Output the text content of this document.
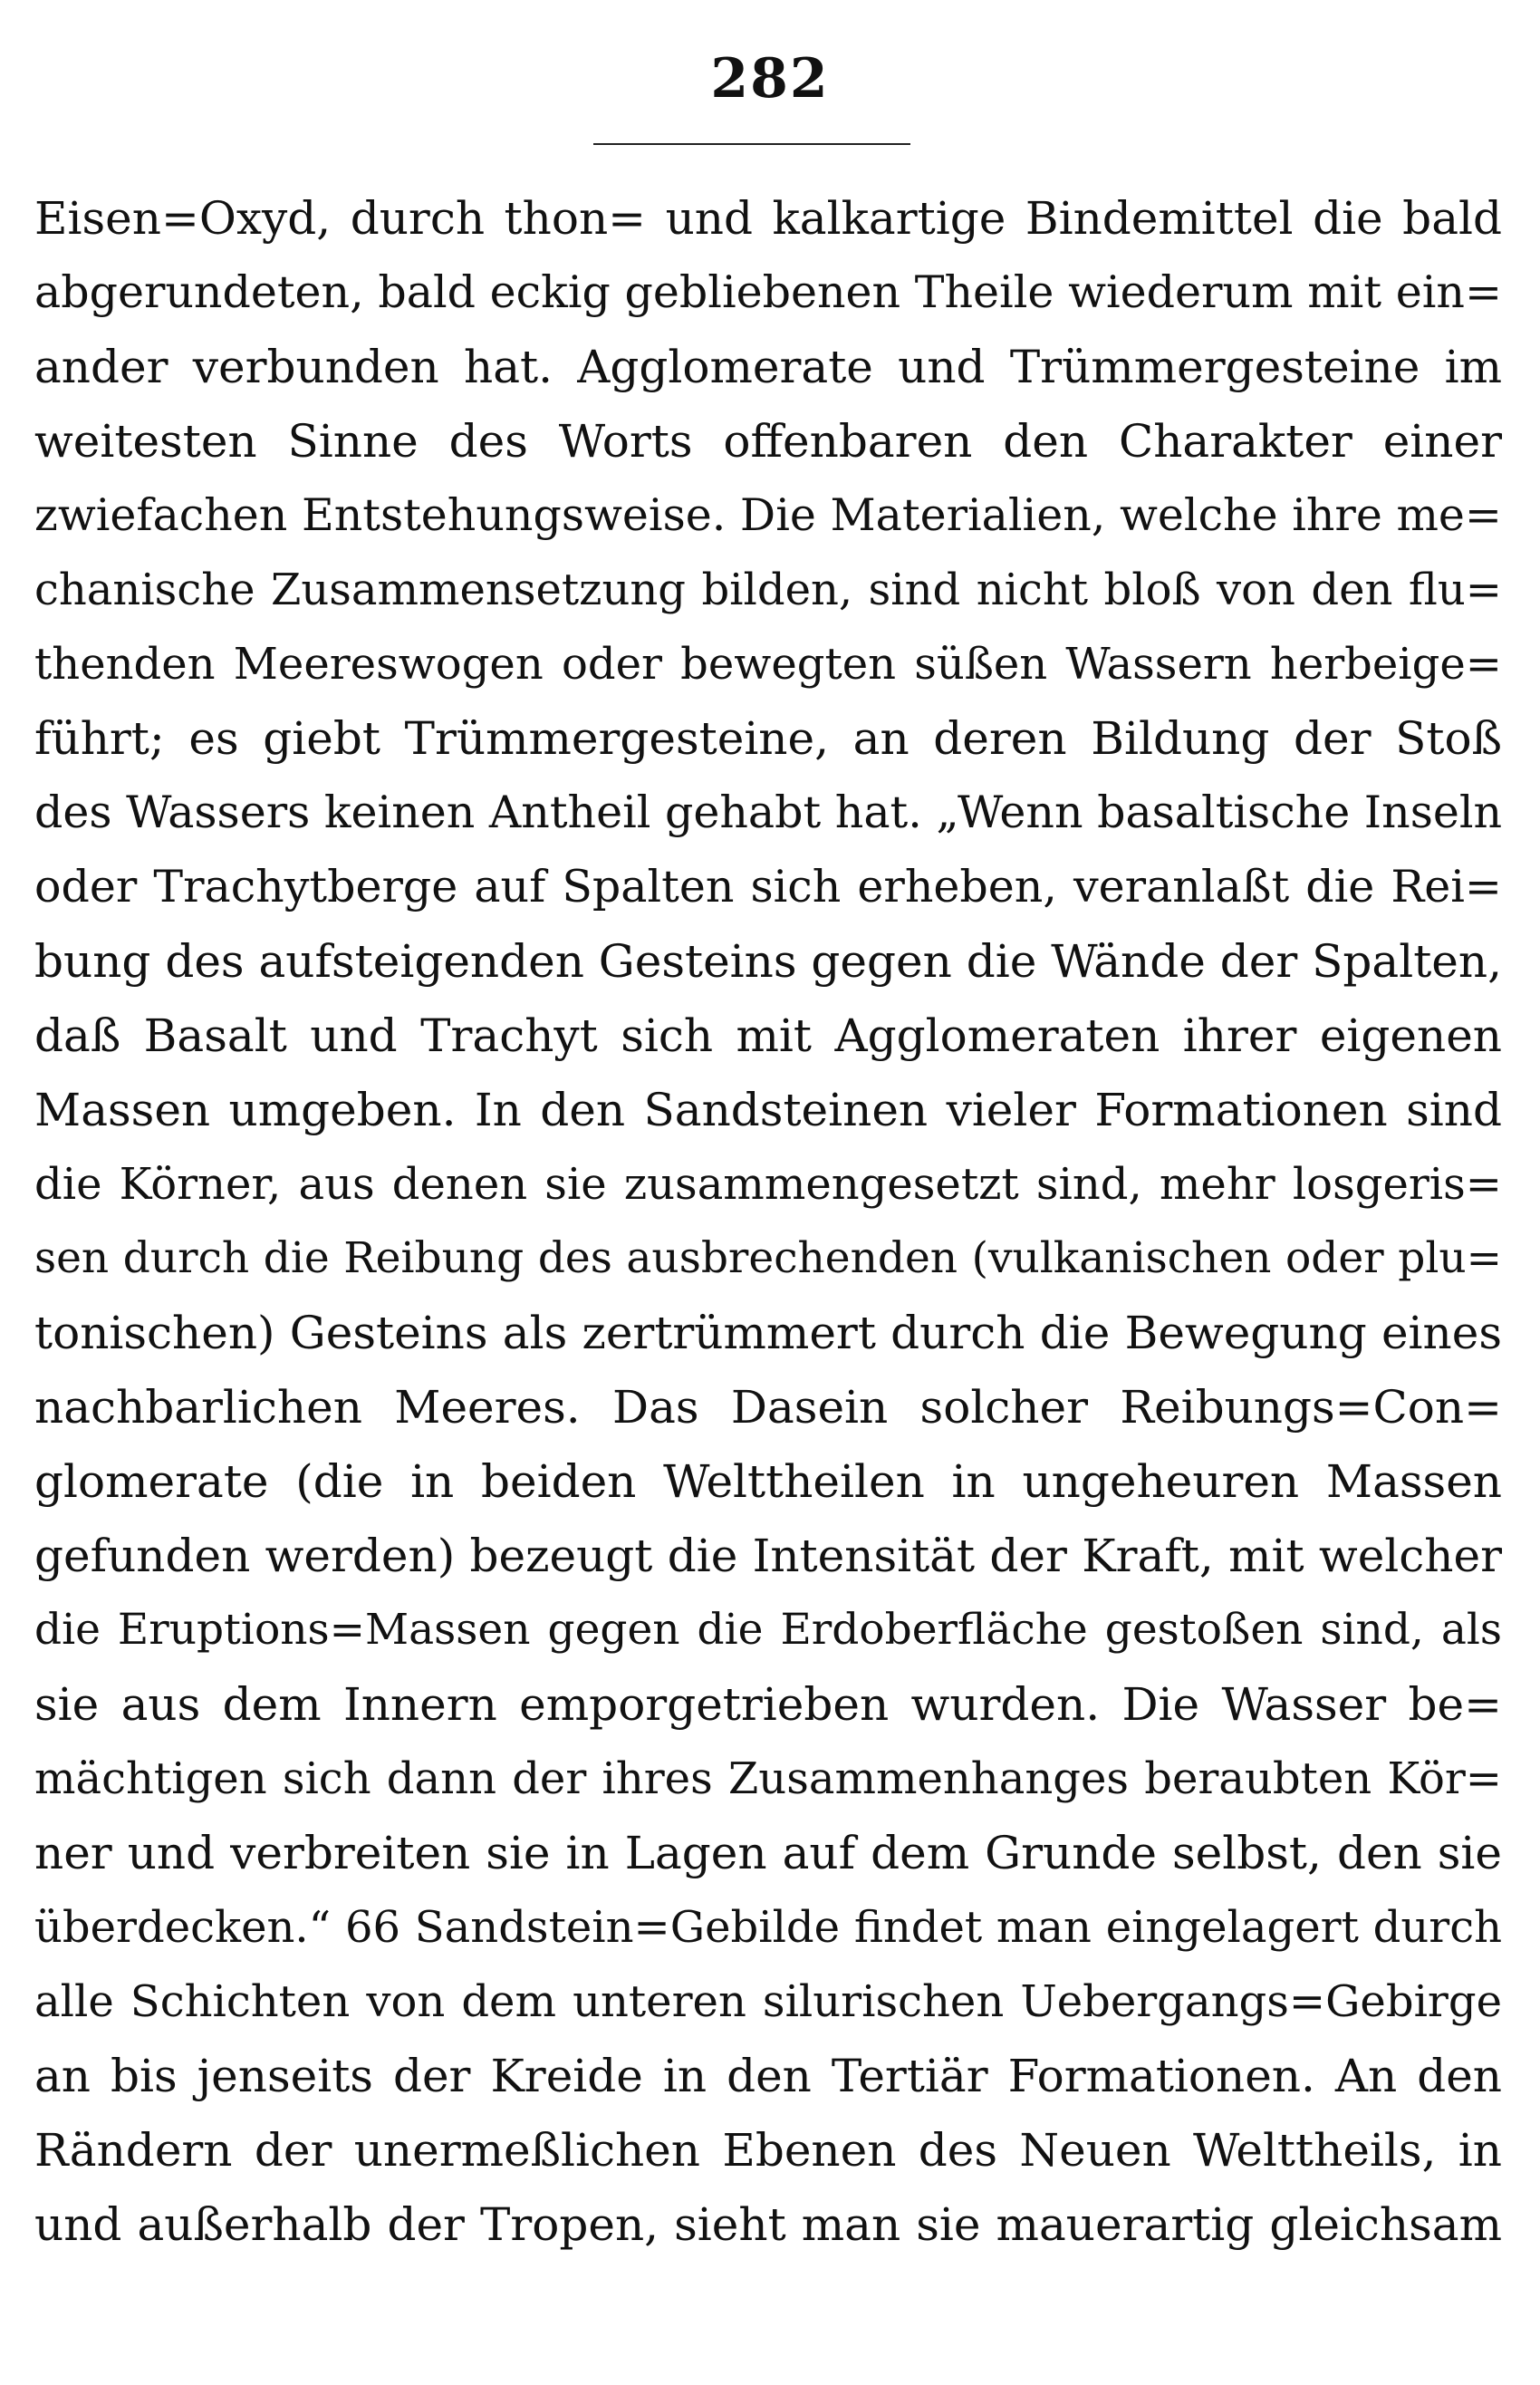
282
Eisen=Oxyd, durch thon= und kalkartige Bindemittel die bald
abgerundeten, bald eckig gebliebenen Theile wiederum mit ein=
ander verbunden hat. Agglomerate und Trümmergesteine im
weitesten Sinne des Worts offenbaren den Charakter einer
zwiefachen Entstehungsweise. Die Materialien, welche ihre me=
chanische Zusammensetzung bilden, sind nicht bloß von den flu=
thenden Meereswogen oder bewegten süßen Wassern herbeige=
führt; es giebt Trümmergesteine, an deren Bildung der Stoß
des Wassers keinen Antheil gehabt hat. „Wenn basaltische Inseln
oder Trachytberge auf Spalten sich erheben, veranlaßt die Rei=
bung des aufsteigenden Gesteins gegen die Wände der Spalten,
daß Basalt und Trachyt sich mit Agglomeraten ihrer eigenen
Massen umgeben. In den Sandsteinen vieler Formationen sind
die Körner, aus denen sie zusammengesetzt sind, mehr losgeris=
sen durch die Reibung des ausbrechenden (vulkanischen oder plu=
tonischen) Gesteins als zertrümmert durch die Bewegung eines
nachbarlichen Meeres. Das Dasein solcher Reibungs=Con=
glomerate (die in beiden Welttheilen in ungeheuren Massen
gefunden werden) bezeugt die Intensität der Kraft, mit welcher
die Eruptions=Massen gegen die Erdoberfläche gestoßen sind, als
sie aus dem Innern emporgetrieben wurden. Die Wasser be=
mächtigen sich dann der ihres Zusammenhanges beraubten Kör=
ner und verbreiten sie in Lagen auf dem Grunde selbst, den sie
überdecken.“ 66 Sandstein=Gebilde findet man eingelagert durch
alle Schichten von dem unteren silurischen Uebergangs=Gebirge
an bis jenseits der Kreide in den Tertiär Formationen. An den
Rändern der unermeßlichen Ebenen des Neuen Welttheils, in
und außerhalb der Tropen, sieht man sie mauerartig gleichsam
